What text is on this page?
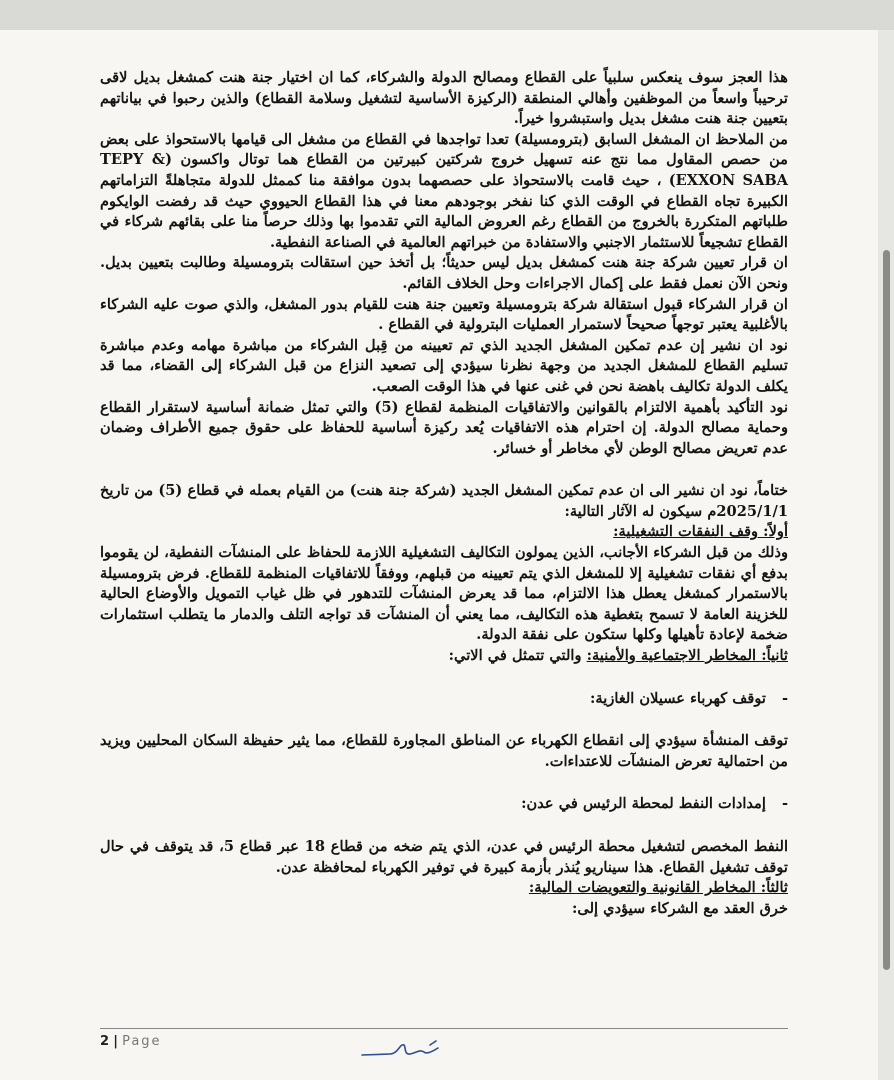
هذا العجز سوف ينعكس سلبياً على القطاع ومصالح الدولة والشركاء، كما ان اختيار جنة هنت كمشغل بديل لاقى ترحيباً واسعاً من الموظفين وأهالي المنطقة (الركيزة الأساسية لتشغيل وسلامة القطاع) والذين رحبوا في بياناتهم بتعيين جنة هنت مشغل بديل واستبشروا خيراً.

من الملاحظ ان المشغل السابق (بترومسيلة) تعدا تواجدها في القطاع من مشغل الى قيامها بالاستحواذ على بعض من حصص المقاول مما نتج عنه تسهيل خروج شركتين كبيرتين من القطاع هما توتال واكسون (TEPY & EXXON SABA) ، حيث قامت بالاستحواذ على حصصهما بدون موافقة منا كممثل للدولة متجاهلةً التزاماتهم الكبيرة تجاه القطاع في الوقت الذي كنا نفخر بوجودهم معنا في هذا القطاع الحيووي حيث قد رفضت الوايكوم طلباتهم المتكررة بالخروج من القطاع رغم العروض المالية التي تقدموا بها وذلك حرصاً منا على بقائهم شركاء في القطاع تشجيعاً للاستثمار الاجنبي والاستفادة من خبراتهم العالمية في الصناعة النفطية.

ان قرار تعيين شركة جنة هنت كمشغل بديل ليس حديثاً؛ بل أتخذ حين استقالت بترومسيلة وطالبت بتعيين بديل. ونحن الآن نعمل فقط على إكمال الاجراءات وحل الخلاف القائم.

ان قرار الشركاء قبول استقالة شركة بترومسيلة وتعيين جنة هنت للقيام بدور المشغل، والذي صوت عليه الشركاء بالأغلبية يعتبر توجهاً صحيحاً لاستمرار العمليات البترولية في القطاع .

نود ان نشير إن عدم تمكين المشغل الجديد الذي تم تعيينه من قِبل الشركاء من مباشرة مهامه وعدم مباشرة تسليم القطاع للمشغل الجديد من وجهة نظرنا سيؤدي إلى تصعيد النزاع من قبل الشركاء إلى القضاء، مما قد يكلف الدولة تكاليف باهضة نحن في غنى عنها في هذا الوقت الصعب.

نود التأكيد بأهمية الالتزام بالقوانين والاتفاقيات المنظمة لقطاع (5) والتي تمثل ضمانة أساسية لاستقرار القطاع وحماية مصالح الدولة. إن احترام هذه الاتفاقيات يُعد ركيزة أساسية للحفاظ على حقوق جميع الأطراف وضمان عدم تعريض مصالح الوطن لأي مخاطر أو خسائر.

ختاماً، نود ان نشير الى ان عدم تمكين المشغل الجديد (شركة جنة هنت) من القيام بعمله في قطاع (5) من تاريخ 2025/1/1م سيكون له الآثار التالية:

أولاً: وقف النفقات التشغيلية:

وذلك من قبل الشركاء الأجانب، الذين يمولون التكاليف التشغيلية اللازمة للحفاظ على المنشآت النفطية، لن يقوموا بدفع أي نفقات تشغيلية إلا للمشغل الذي يتم تعيينه من قبلهم، ووفقاً للاتفاقيات المنظمة للقطاع. فرض بترومسيلة بالاستمرار كمشغل يعطل هذا الالتزام، مما قد يعرض المنشآت للتدهور في ظل غياب التمويل والأوضاع الحالية للخزينة العامة لا تسمح بتغطية هذه التكاليف، مما يعني أن المنشآت قد تواجه التلف والدمار ما يتطلب استثمارات ضخمة لإعادة تأهيلها وكلها ستكون على نفقة الدولة.

ثانياً: المخاطر الاجتماعية والأمنية: والتي تتمثل في الاتي:

- توقف كهرباء عسيلان الغازية:

توقف المنشأة سيؤدي إلى انقطاع الكهرباء عن المناطق المجاورة للقطاع، مما يثير حفيظة السكان المحليين ويزيد من احتمالية تعرض المنشآت للاعتداءات.

- إمدادات النفط لمحطة الرئيس في عدن:

النفط المخصص لتشغيل محطة الرئيس في عدن، الذي يتم ضخه من قطاع 18 عبر قطاع 5، قد يتوقف في حال توقف تشغيل القطاع. هذا سيناريو يُنذر بأزمة كبيرة في توفير الكهرباء لمحافظة عدن.

ثالثاً: المخاطر القانونية والتعويضات المالية:

خرق العقد مع الشركاء سيؤدي إلى:

2 | Page
